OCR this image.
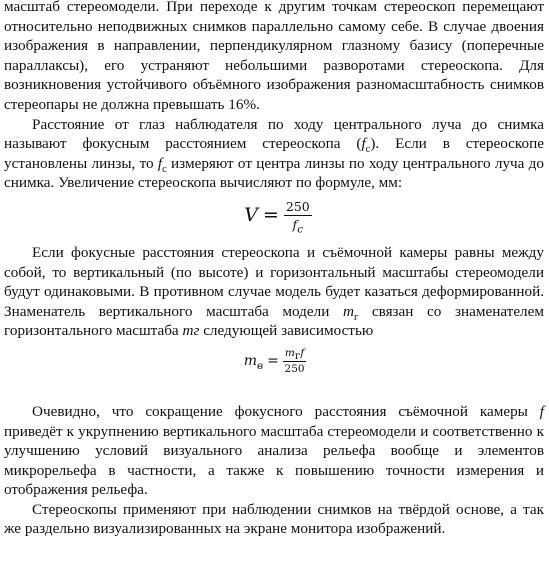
масштаб стереомодели. При переходе к другим точкам стереоскоп перемещают относительно неподвижных снимков параллельно самому себе. В случае двоения изображения в направлении, перпендикулярном глазному базису (поперечные параллаксы), его устраняют небольшими разворотами стереоскопа. Для возникновения устойчивого объёмного изображения разномасштабность снимков стереопары не должна превышать 16%.

Расстояние от глаз наблюдателя по ходу центрального луча до снимка называют фокусным расстоянием стереоскопа $(f_c)$. Если в стереоскопе установлены линзы, то $f_c$ измеряют от центра линзы по ходу центрального луча до снимка. Увеличение стереоскопа вычисляют по формуле, мм:

$V = \frac{250}{f_c}$

Если фокусные расстояния стереоскопа и съёмочной камеры равны между собой, то вертикальный (по высоте) и горизонтальный масштабы стереомодели будут одинаковыми. В противном случае модель будет казаться деформированной. Знаменатель вертикального масштаба модели $m_г$ связан со знаменателем горизонтального масштаба mг следующей зависимостью

$m_в = \frac{m_гf}{250}$

Очевидно, что сокращение фокусного расстояния съёмочной камеры f приведёт к укрупнению вертикального масштаба стереомодели и соответственно к улучшению условий визуального анализа рельефа вообще и элементов микрорельефа в частности, а также к повышению точности измерения и отображения рельефа.

Стереоскопы применяют при наблюдении снимков на твёрдой основе, а так же раздельно визуализированных на экране монитора изображений.
